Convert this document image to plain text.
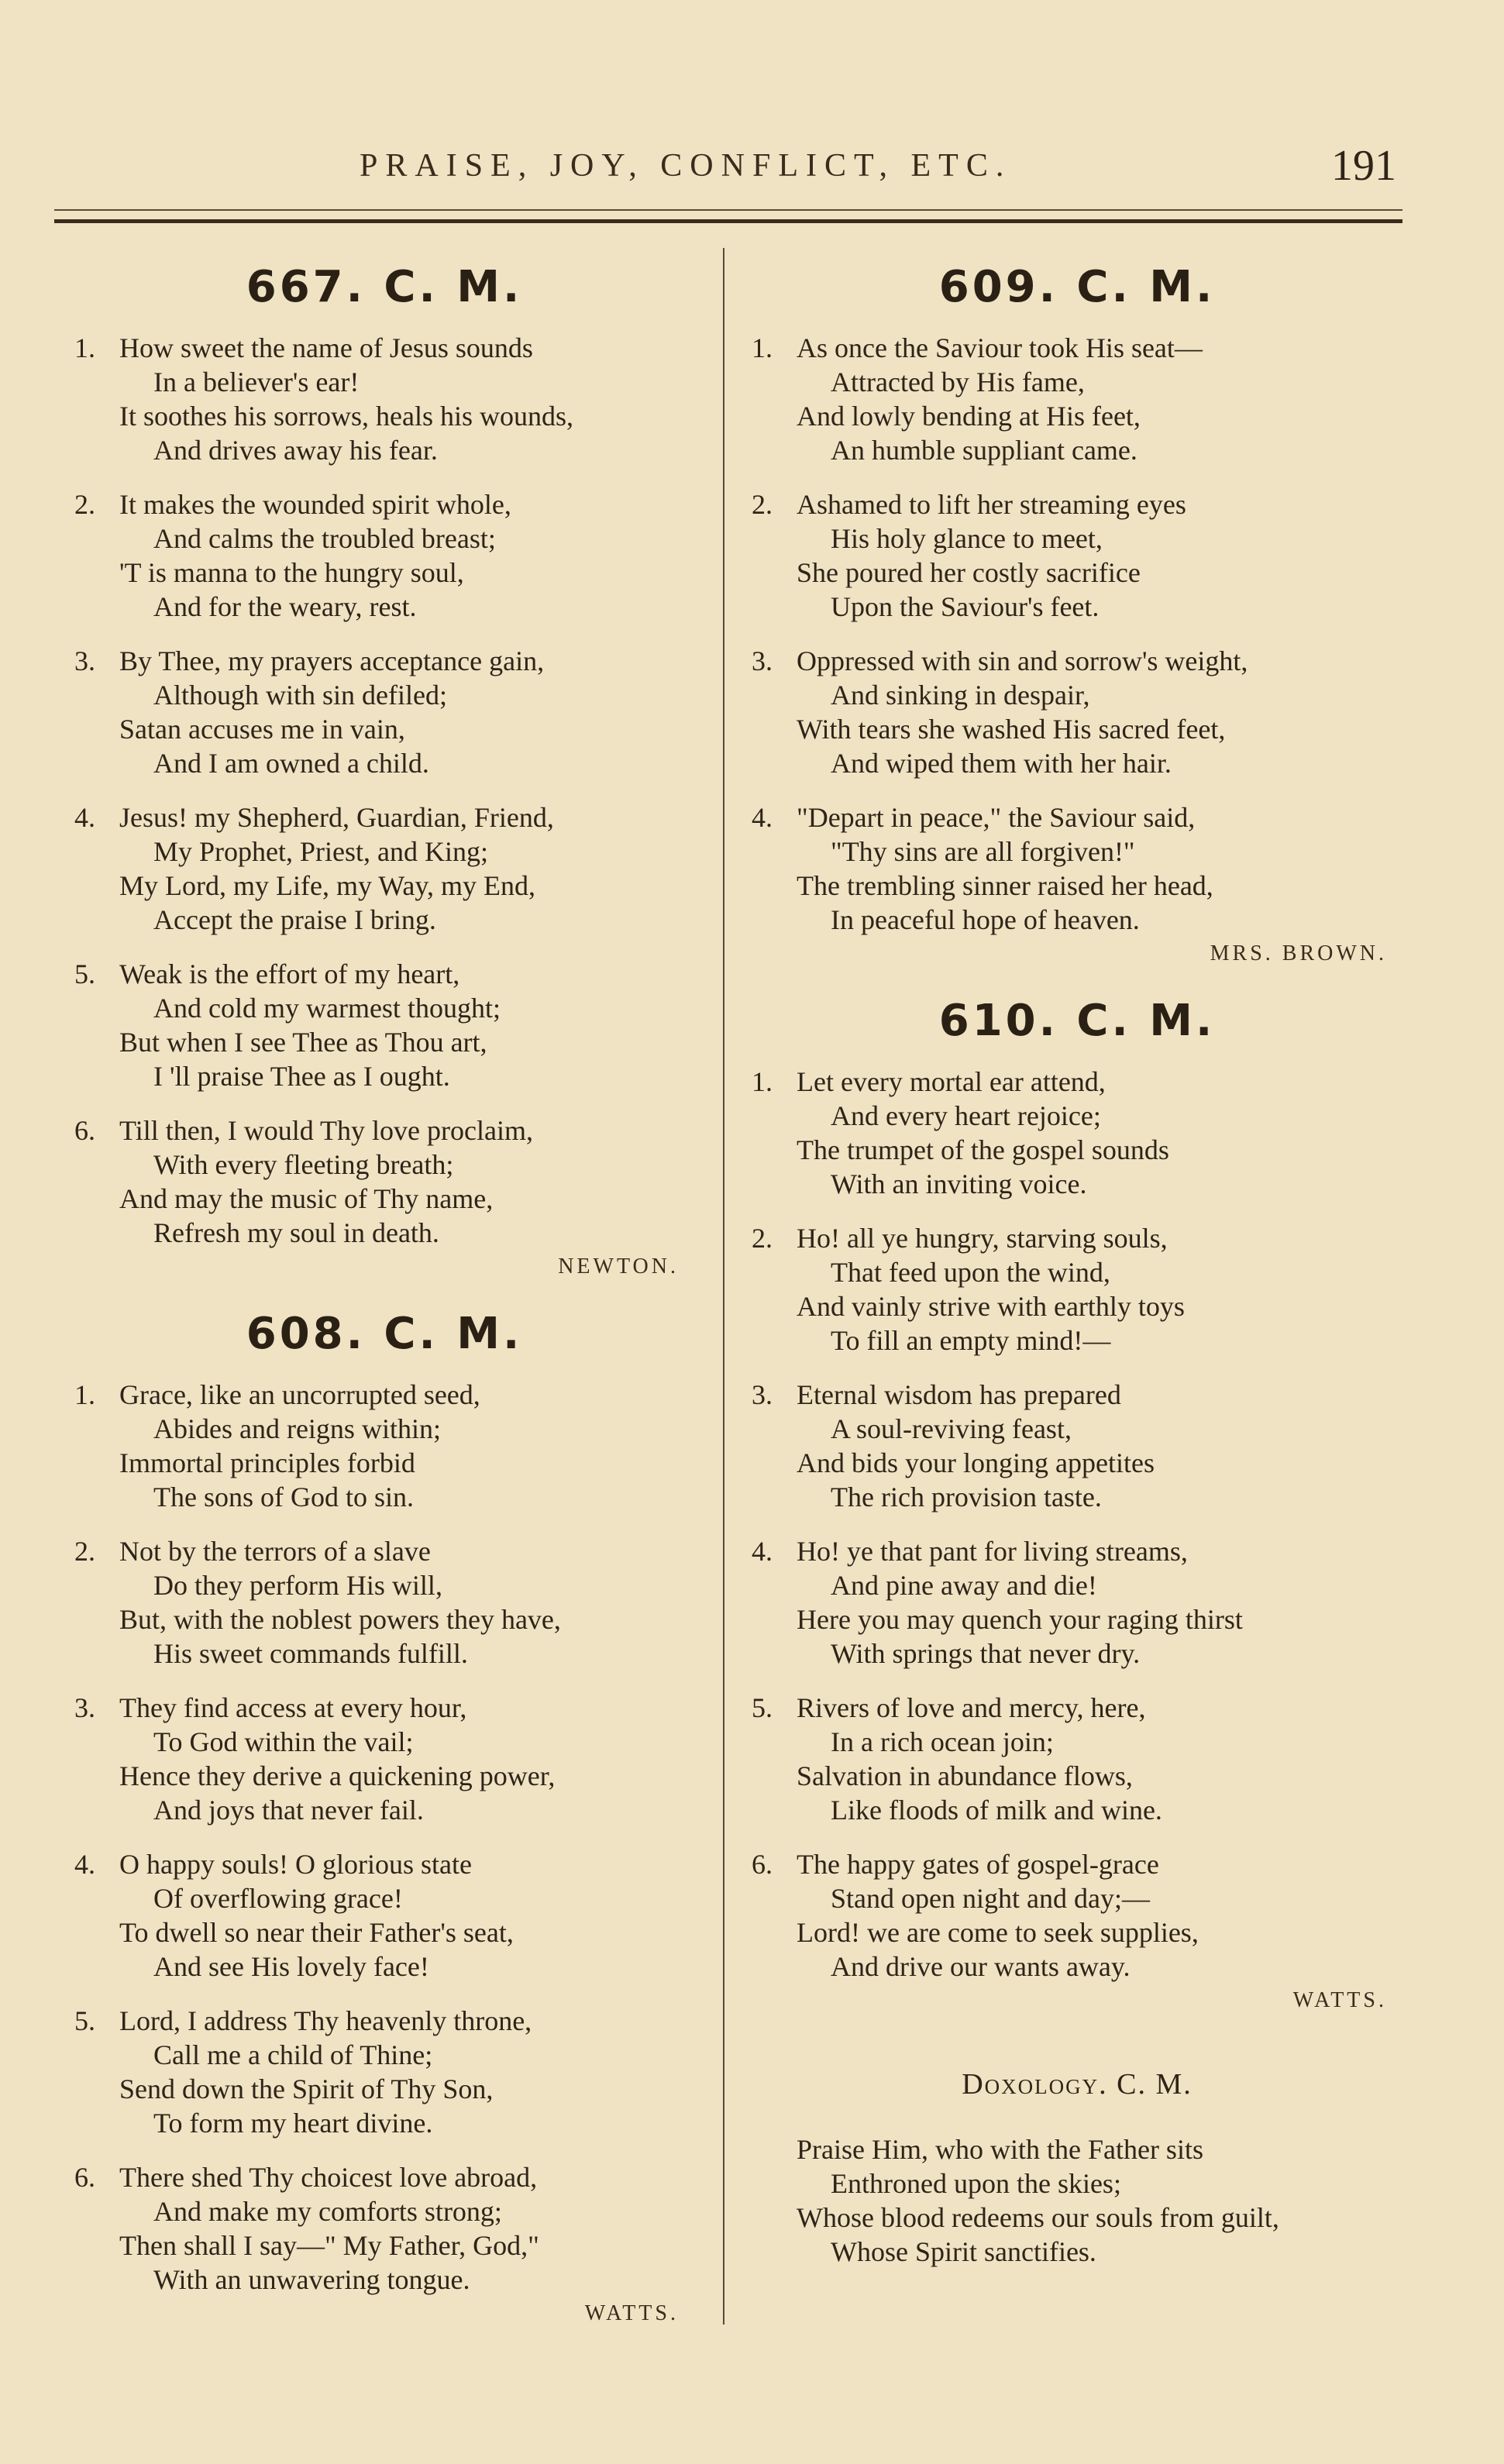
PRAISE, JOY, CONFLICT, ETC.	191
667. C. M.
1. How sweet the name of Jesus sounds
In a believer's ear!
It soothes his sorrows, heals his wounds,
And drives away his fear.
2. It makes the wounded spirit whole,
And calms the troubled breast;
'T is manna to the hungry soul,
And for the weary, rest.
3. By Thee, my prayers acceptance gain,
Although with sin defiled;
Satan accuses me in vain,
And I am owned a child.
4. Jesus! my Shepherd, Guardian, Friend,
My Prophet, Priest, and King;
My Lord, my Life, my Way, my End,
Accept the praise I bring.
5. Weak is the effort of my heart,
And cold my warmest thought;
But when I see Thee as Thou art,
I 'll praise Thee as I ought.
6. Till then, I would Thy love proclaim,
With every fleeting breath;
And may the music of Thy name,
Refresh my soul in death.
NEWTON.
608. C. M.
1. Grace, like an uncorrupted seed,
Abides and reigns within;
Immortal principles forbid
The sons of God to sin.
2. Not by the terrors of a slave
Do they perform His will,
But, with the noblest powers they have,
His sweet commands fulfill.
3. They find access at every hour,
To God within the vail;
Hence they derive a quickening power,
And joys that never fail.
4. O happy souls! O glorious state
Of overflowing grace!
To dwell so near their Father's seat,
And see His lovely face!
5. Lord, I address Thy heavenly throne,
Call me a child of Thine;
Send down the Spirit of Thy Son,
To form my heart divine.
6. There shed Thy choicest love abroad,
And make my comforts strong;
Then shall I say—" My Father, God,"
With an unwavering tongue.
WATTS.
609. C. M.
1. As once the Saviour took His seat—
Attracted by His fame,
And lowly bending at His feet,
An humble suppliant came.
2. Ashamed to lift her streaming eyes
His holy glance to meet,
She poured her costly sacrifice
Upon the Saviour's feet.
3. Oppressed with sin and sorrow's weight,
And sinking in despair,
With tears she washed His sacred feet,
And wiped them with her hair.
4. "Depart in peace," the Saviour said,
"Thy sins are all forgiven!"
The trembling sinner raised her head,
In peaceful hope of heaven.
MRS. BROWN.
610. C. M.
1. Let every mortal ear attend,
And every heart rejoice;
The trumpet of the gospel sounds
With an inviting voice.
2. Ho! all ye hungry, starving souls,
That feed upon the wind,
And vainly strive with earthly toys
To fill an empty mind!—
3. Eternal wisdom has prepared
A soul-reviving feast,
And bids your longing appetites
The rich provision taste.
4. Ho! ye that pant for living streams,
And pine away and die!
Here you may quench your raging thirst
With springs that never dry.
5. Rivers of love and mercy, here,
In a rich ocean join;
Salvation in abundance flows,
Like floods of milk and wine.
6. The happy gates of gospel-grace
Stand open night and day;—
Lord! we are come to seek supplies,
And drive our wants away.
WATTS.
Doxology. C. M.
Praise Him, who with the Father sits
Enthroned upon the skies;
Whose blood redeems our souls from guilt,
Whose Spirit sanctifies.
